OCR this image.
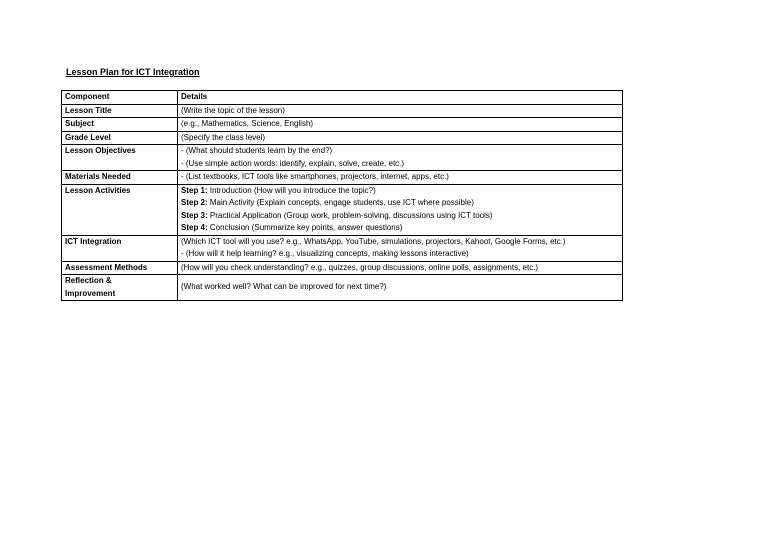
Lesson Plan for ICT Integration
Component	Details
Lesson Title	(Write the topic of the lesson)
Subject	(e.g., Mathematics, Science, English)
Grade Level	(Specify the class level)
Lesson Objectives	- (What should students learn by the end?)
- (Use simple action words: identify, explain, solve, create, etc.)

Materials Needed	- (List textbooks, ICT tools like smartphones, projectors, internet, apps, etc.)
Lesson Activities	Step 1: Introduction (How will you introduce the topic?)
Step 2: Main Activity (Explain concepts, engage students, use ICT where possible)
Step 3: Practical Application (Group work, problem-solving, discussions using ICT tools)
Step 4: Conclusion (Summarize key points, answer questions)

ICT Integration	(Which ICT tool will you use? e.g., WhatsApp, YouTube, simulations, projectors, Kahoot, Google Forms, etc.)
- (How will it help learning? e.g., visualizing concepts, making lessons interactive)

Assessment Methods	(How will you check understanding? e.g., quizzes, group discussions, online polls, assignments, etc.)

Reflection &
Improvement	(What worked well? What can be improved for next time?)
